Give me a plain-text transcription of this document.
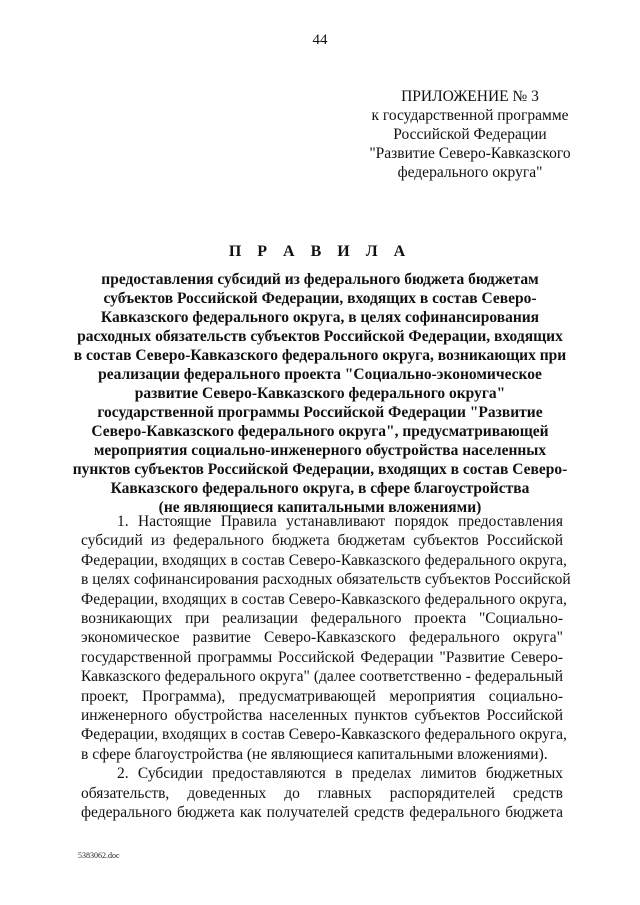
44
ПРИЛОЖЕНИЕ № 3
к государственной программе
Российской Федерации
"Развитие Северо-Кавказского
федерального округа"
П Р А В И Л А
предоставления субсидий из федерального бюджета бюджетам
субъектов Российской Федерации, входящих в состав Северо-
Кавказского федерального округа, в целях софинансирования
расходных обязательств субъектов Российской Федерации, входящих
в состав Северо-Кавказского федерального округа, возникающих при
реализации федерального проекта "Социально-экономическое
развитие Северо-Кавказского федерального округа"
государственной программы Российской Федерации "Развитие
Северо-Кавказского федерального округа", предусматривающей
мероприятия социально-инженерного обустройства населенных
пунктов субъектов Российской Федерации, входящих в состав Северо-
Кавказского федерального округа, в сфере благоустройства
(не являющиеся капитальными вложениями)
1. Настоящие Правила устанавливают порядок предоставления
субсидий из федерального бюджета бюджетам субъектов Российской
Федерации, входящих в состав Северо-Кавказского федерального округа,
в целях софинансирования расходных обязательств субъектов Российской
Федерации, входящих в состав Северо-Кавказского федерального округа,
возникающих при реализации федерального проекта "Социально-
экономическое развитие Северо-Кавказского федерального округа"
государственной программы Российской Федерации "Развитие Северо-
Кавказского федерального округа" (далее соответственно - федеральный
проект, Программа), предусматривающей мероприятия социально-
инженерного обустройства населенных пунктов субъектов Российской
Федерации, входящих в состав Северо-Кавказского федерального округа,
в сфере благоустройства (не являющиеся капитальными вложениями).
2. Субсидии предоставляются в пределах лимитов бюджетных
обязательств, доведенных до главных распорядителей средств
федерального бюджета как получателей средств федерального бюджета
5383062.doc
